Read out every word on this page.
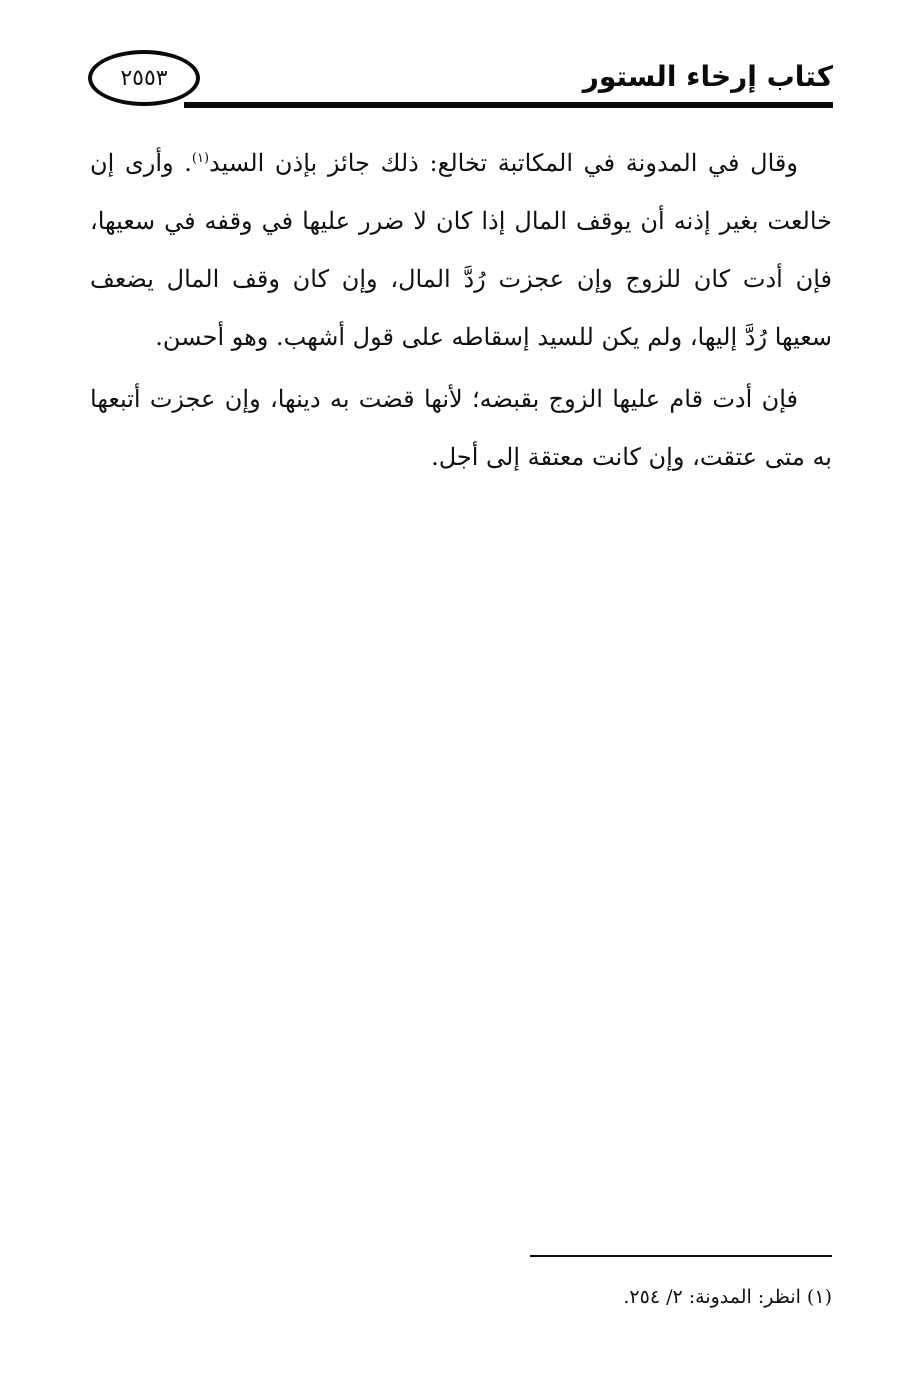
كتاب إرخاء الستور
٢٥٥٣

وقال في المدونة في المكاتبة تخالع: ذلك جائز بإذن السيد$^{(١)}$. وأرى إن خالعت بغير إذنه أن يوقف المال إذا كان لا ضرر عليها في وقفه في سعيها، فإن أدت كان للزوج وإن عجزت رُدَّ المال، وإن كان وقف المال يضعف سعيها رُدَّ إليها، ولم يكن للسيد إسقاطه على قول أشهب. وهو أحسن.

فإن أدت قام عليها الزوج بقبضه؛ لأنها قضت به دينها، وإن عجزت أتبعها به متى عتقت، وإن كانت معتقة إلى أجل.

(١) انظر: المدونة: ٢/ ٢٥٤.
